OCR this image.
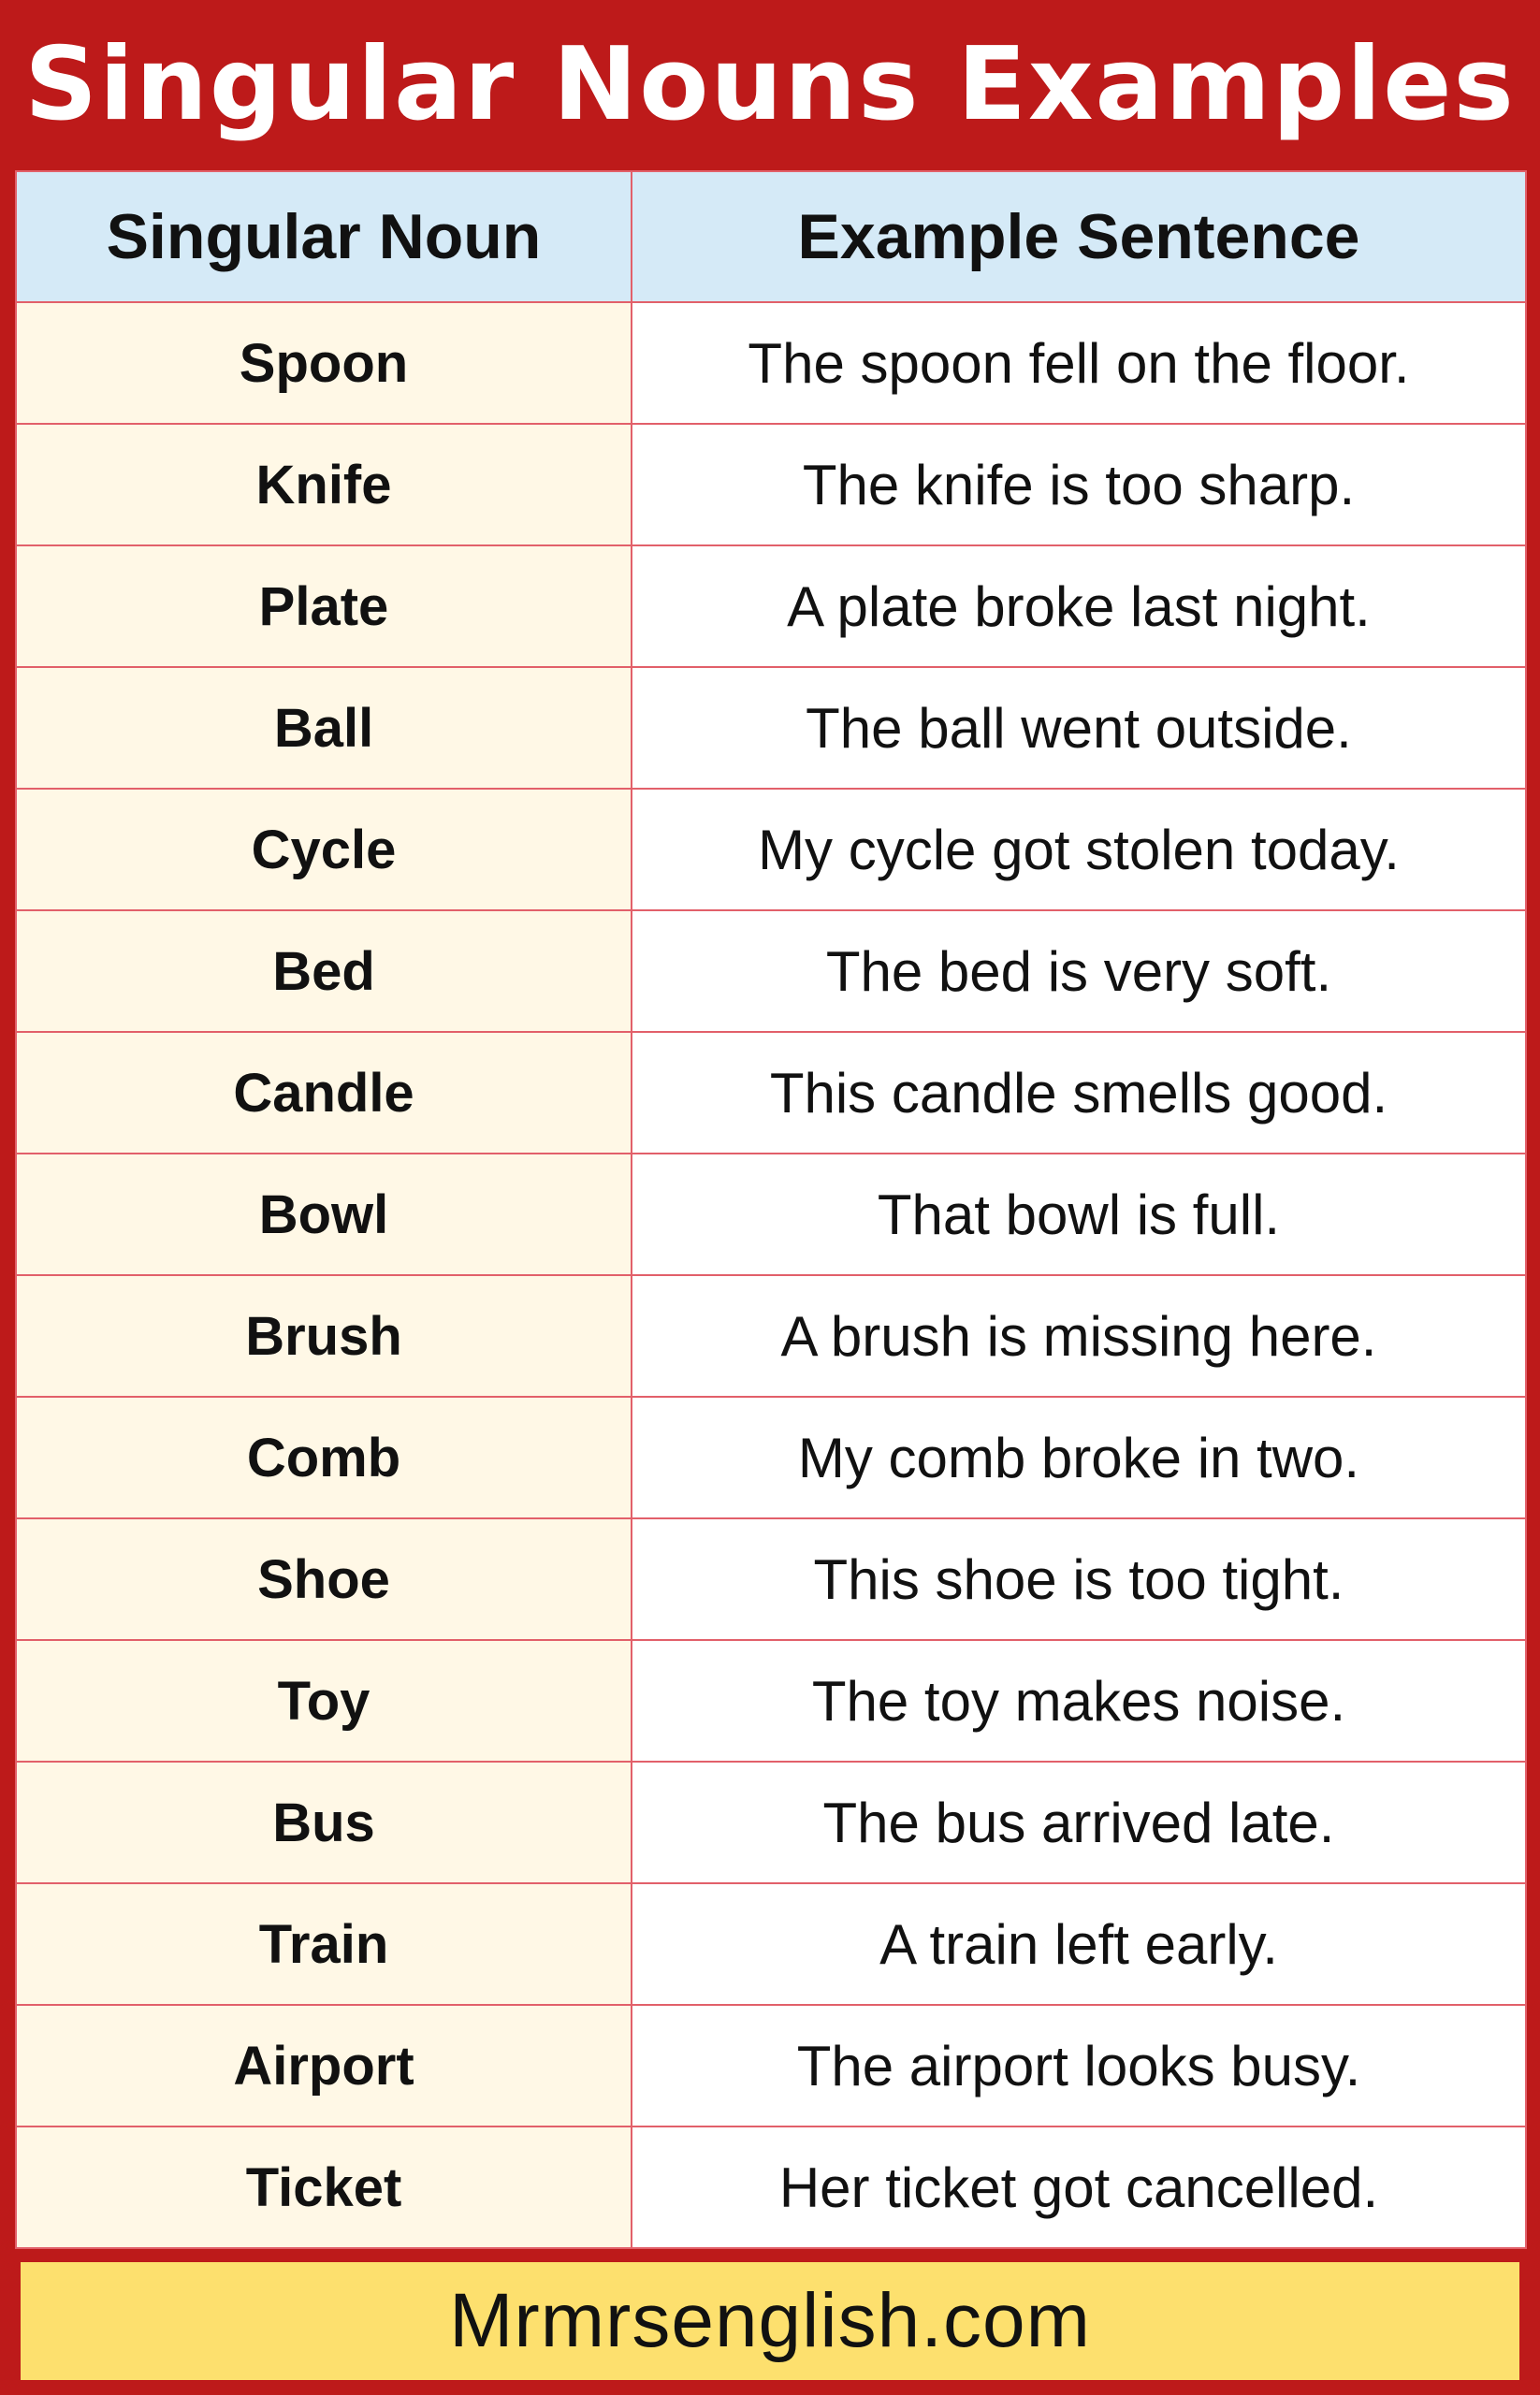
Singular Nouns Examples
Singular Noun	Example Sentence
Spoon	The spoon fell on the floor.
Knife	The knife is too sharp.
Plate	A plate broke last night.
Ball	The ball went outside.
Cycle	My cycle got stolen today.
Bed	The bed is very soft.
Candle	This candle smells good.
Bowl	That bowl is full.
Brush	A brush is missing here.
Comb	My comb broke in two.
Shoe	This shoe is too tight.
Toy	The toy makes noise.
Bus	The bus arrived late.
Train	A train left early.
Airport	The airport looks busy.
Ticket	Her ticket got cancelled.
Mrmrsenglish.com
